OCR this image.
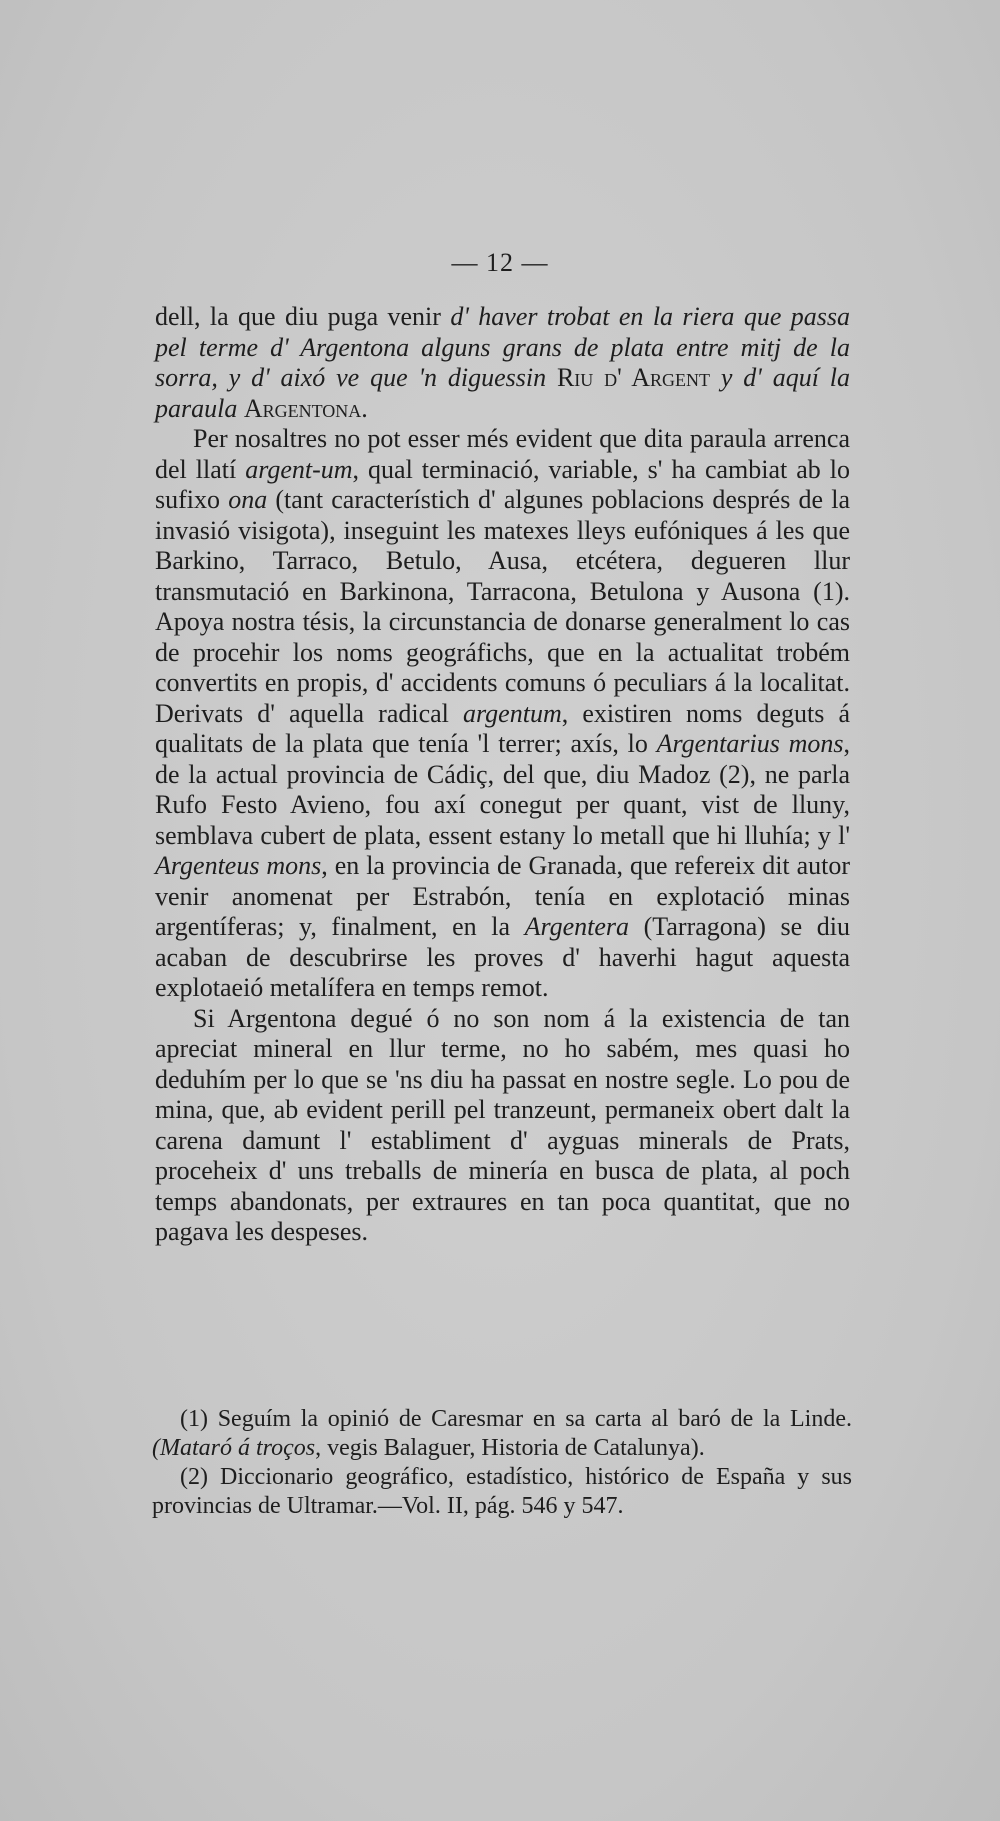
— 12 —

dell, la que diu puga venir d' haver trobat en la riera que passa pel terme d' Argentona alguns grans de plata entre mitj de la sorra, y d' aixó ve que 'n diguessin Riu d' Argent y d' aquí la paraula Argentona.

Per nosaltres no pot esser més evident que dita paraula arrenca del llatí argent-um, qual terminació, variable, s' ha cambiat ab lo sufixo ona (tant característich d' algunes poblacions després de la invasió visigota), inseguint les matexes lleys eufóniques á les que Barkino, Tarraco, Betulo, Ausa, etcétera, degueren llur transmutació en Barkinona, Tarracona, Betulona y Ausona (1). Apoya nostra tésis, la circunstancia de donarse generalment lo cas de procehir los noms geográfichs, que en la actualitat trobém convertits en propis, d' accidents comuns ó peculiars á la localitat. Derivats d' aquella radical argentum, existiren noms deguts á qualitats de la plata que tenía 'l terrer; axís, lo Argentarius mons, de la actual provincia de Cádiç, del que, diu Madoz (2), ne parla Rufo Festo Avieno, fou axí conegut per quant, vist de lluny, semblava cubert de plata, essent estany lo metall que hi lluhía; y l' Argenteus mons, en la provincia de Granada, que refereix dit autor venir anomenat per Estrabón, tenía en explotació minas argentíferas; y, finalment, en la Argentera (Tarragona) se diu acaban de descubrirse les proves d' haverhi hagut aquesta explotaeió metalífera en temps remot.

Si Argentona degué ó no son nom á la existencia de tan apreciat mineral en llur terme, no ho sabém, mes quasi ho deduhím per lo que se 'ns diu ha passat en nostre segle. Lo pou de mina, que, ab evident perill pel tranzeunt, permaneix obert dalt la carena damunt l' establiment d' ayguas minerals de Prats, proceheix d' uns treballs de minería en busca de plata, al poch temps abandonats, per extraures en tan poca quantitat, que no pagava les despeses.

(1) Seguím la opinió de Caresmar en sa carta al baró de la Linde. (Mataró á troços, vegis Balaguer, Historia de Catalunya).

(2) Diccionario geográfico, estadístico, histórico de España y sus provincias de Ultramar.—Vol. II, pág. 546 y 547.
